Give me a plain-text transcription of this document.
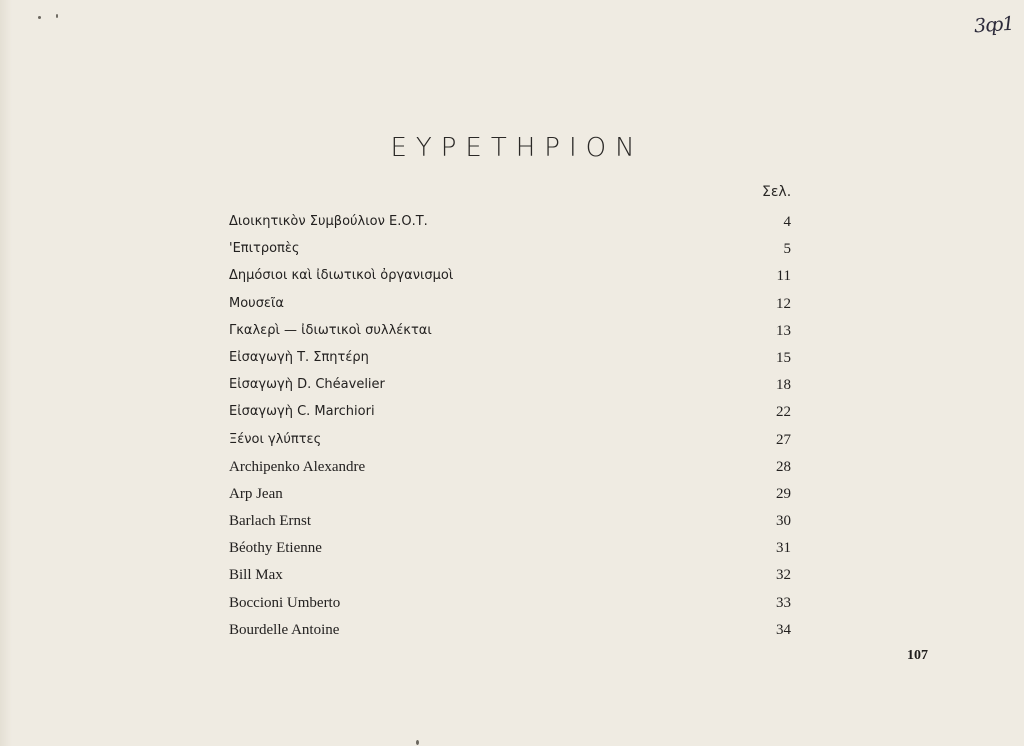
3ȹ1
ΕΥΡΕΤΗΡΙΟΝ
Σελ.
Διοικητικὸν Συμβούλιον Ε.Ο.Τ.	4
'Επιτροπὲς	5
Δημόσιοι καὶ ἰδιωτικοὶ ὀργανισμοὶ	11
Μουσεῖα	12
Γκαλερὶ — ἰδιωτικοὶ συλλέκται	13
Εἰσαγωγὴ Τ. Σπητέρη	15
Εἰσαγωγὴ D. Chéavelier	18
Εἰσαγωγὴ C. Marchiori	22
Ξένοι γλύπτες	27
Archipenko Alexandre	28
Arp Jean	29
Barlach Ernst	30
Béothy Etienne	31
Bill Max	32
Boccioni Umberto	33
Bourdelle Antoine	34
107
